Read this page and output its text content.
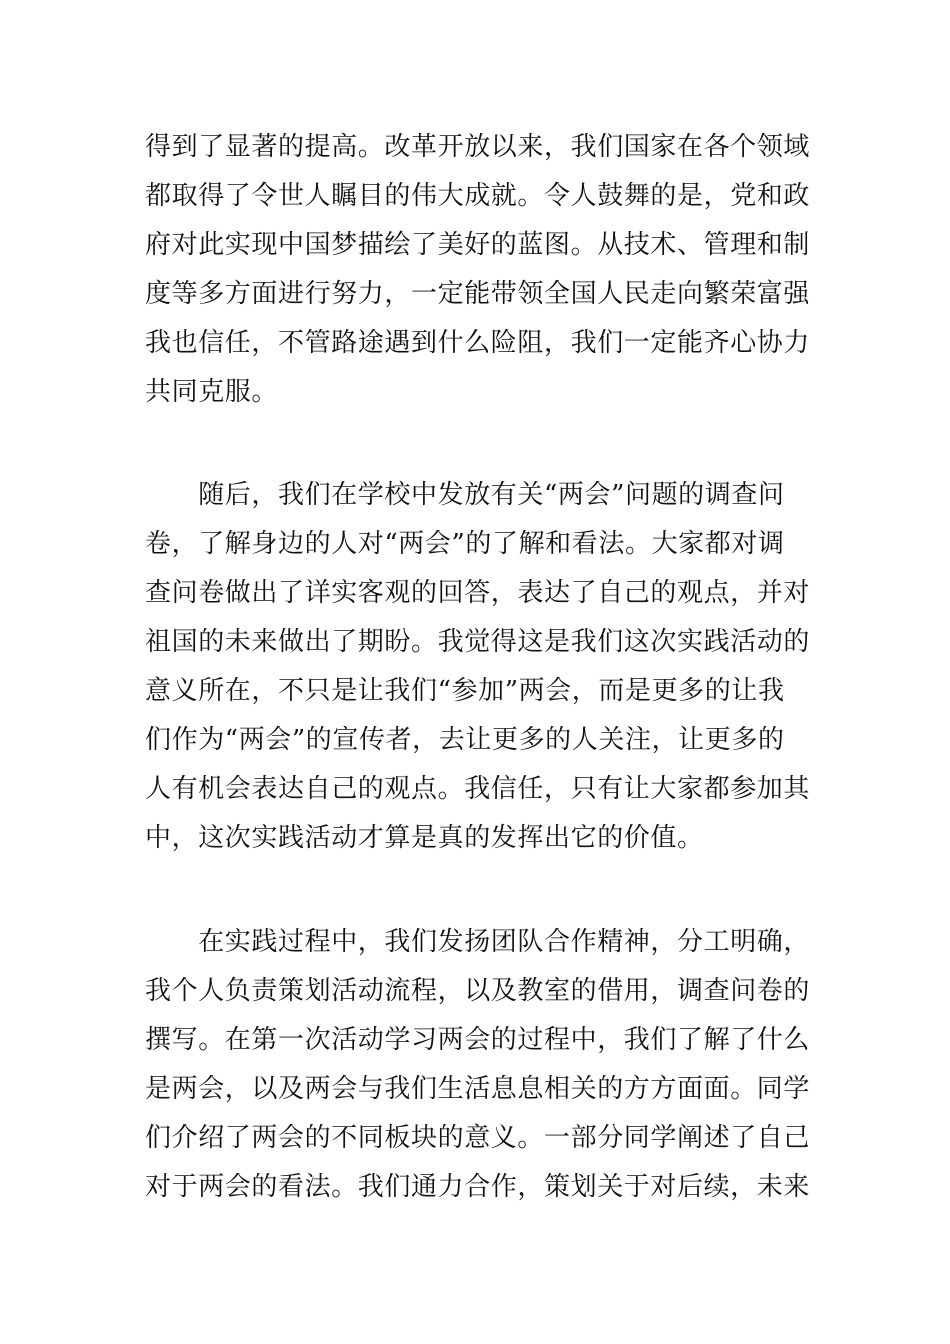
得到了显著的提高。改革开放以来，我们国家在各个领域
都取得了令世人瞩目的伟大成就。令人鼓舞的是，党和政
府对此实现中国梦描绘了美好的蓝图。从技术、管理和制
度等多方面进行努力，一定能带领全国人民走向繁荣富强
我也信任，不管路途遇到什么险阻，我们一定能齐心协力
共同克服。
　　随后，我们在学校中发放有关“两会”问题的调查问
卷，了解身边的人对“两会”的了解和看法。大家都对调
查问卷做出了详实客观的回答，表达了自己的观点，并对
祖国的未来做出了期盼。我觉得这是我们这次实践活动的
意义所在，不只是让我们“参加”两会，而是更多的让我
们作为“两会”的宣传者，去让更多的人关注，让更多的
人有机会表达自己的观点。我信任，只有让大家都参加其
中，这次实践活动才算是真的发挥出它的价值。
　　在实践过程中，我们发扬团队合作精神，分工明确，
我个人负责策划活动流程，以及教室的借用，调查问卷的
撰写。在第一次活动学习两会的过程中，我们了解了什么
是两会，以及两会与我们生活息息相关的方方面面。同学
们介绍了两会的不同板块的意义。一部分同学阐述了自己
对于两会的看法。我们通力合作，策划关于对后续，未来
